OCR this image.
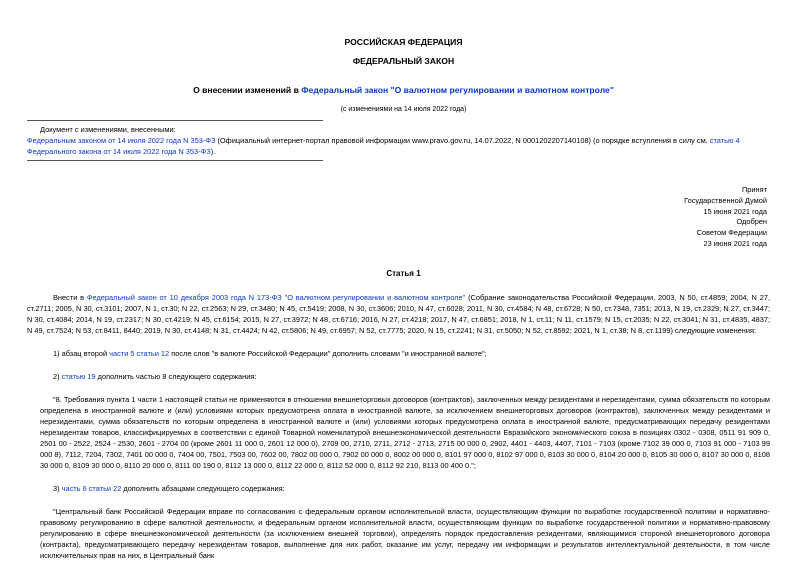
РОССИЙСКАЯ ФЕДЕРАЦИЯ
ФЕДЕРАЛЬНЫЙ ЗАКОН
О внесении изменений в Федеральный закон "О валютном регулировании и валютном контроле"
(с изменениями на 14 июля 2022 года)

Документ с изменениями, внесенными:

Федеральным законом от 14 июля 2022 года N 353-ФЗ (Официальный интернет-портал правовой информации www.pravo.gov.ru, 14.07.2022, N 0001202207140108) (о порядке вступления в силу см. статью 4 Федерального закона от 14 июля 2022 года N 353-ФЗ).

Принят
Государственной Думой
15 июня 2021 года
Одобрен
Советом Федерации
23 июня 2021 года
Статья 1

Внести в Федеральный закон от 10 декабря 2003 года N 173-ФЗ "О валютном регулировании и валютном контроле" (Собрание законодательства Российской Федерации, 2003, N 50, ст.4859; 2004, N 27, ст.2711; 2005, N 30, ст.3101; 2007, N 1, ст.30; N 22, ст.2563; N 29, ст.3480; N 45, ст.5419; 2008, N 30, ст.3606; 2010, N 47, ст.6028; 2011, N 30, ст.4584; N 48, ст.6728; N 50, ст.7348, 7351; 2013, N 19, ст.2329; N 27, ст.3447; N 30, ст.4084; 2014, N 19, ст.2317; N 30, ст.4219; N 45, ст.6154; 2015, N 27, ст.3972; N 48, ст.6716; 2016, N 27, ст.4218; 2017, N 47, ст.6851; 2018, N 1, ст.11; N 11, ст.1579; N 15, ст.2035; N 22, ст.3041; N 31, ст.4835, 4837; N 49, ст.7524; N 53, ст.8411, 8440; 2019, N 30, ст.4148; N 31, ст.4424; N 42, ст.5806; N 49, ст.6957; N 52, ст.7775; 2020, N 15, ст.2241; N 31, ст.5050; N 52, ст.8592; 2021, N 1, ст.38; N 8, ст.1199) следующие изменения:

1) абзац второй части 5 статьи 12 после слов "в валюте Российской Федерации" дополнить словами "и иностранной валюте";

2) статью 19 дополнить частью 8 следующего содержания:

"8. Требования пункта 1 части 1 настоящей статьи не применяются в отношении внешнеторговых договоров (контрактов), заключенных между резидентами и нерезидентами, сумма обязательств по которым определена в иностранной валюте и (или) условиями которых предусмотрена оплата в иностранной валюте, за исключением внешнеторговых договоров (контрактов), заключенных между резидентами и нерезидентами, сумма обязательств по которым определена в иностранной валюте и (или) условиями которых предусмотрена оплата в иностранной валюте, предусматривающих передачу резидентами нерезидентам товаров, классифицируемых в соответствии с единой Товарной номенклатурой внешнеэкономической деятельности Евразийского экономического союза в позициях 0302 - 0308, 0511 91 909 0, 2501 00 - 2522, 2524 - 2530, 2601 - 2704 00 (кроме 2601 11 000 0, 2601 12 000 0), 2709 00, 2710, 2711, 2712 - 2713, 2715 00 000 0, 2902, 4401 - 4403, 4407, 7101 - 7103 (кроме 7102 39 000 0, 7103 91 000 - 7103 99 000 8), 7112, 7204, 7302, 7401 00 000 0, 7404 00, 7501, 7503 00, 7602 00, 7802 00 000 0, 7902 00 000 0, 8002 00 000 0, 8101 97 000 0, 8102 97 000 0, 8103 30 000 0, 8104 20 000 0, 8105 30 000 0, 8107 30 000 0, 8108 30 000 0, 8109 30 000 0, 8110 20 000 0, 8111 00 190 0, 8112 13 000 0, 8112 22 000 0, 8112 52 000 0, 8112 92 210, 8113 00 400 0.";

3) часть 6 статьи 22 дополнить абзацами следующего содержания:

"Центральный банк Российской Федерации вправе по согласованию с федеральным органом исполнительной власти, осуществляющим функции по выработке государственной политики и нормативно-правовому регулированию в сфере валютной деятельности, и федеральным органом исполнительной власти, осуществляющим функции по выработке государственной политики и нормативно-правовому регулированию в сфере внешнеэкономической деятельности (за исключением внешней торговли), определять порядок предоставления резидентами, являющимися стороной внешнеторгового договора (контракта), предусматривающего передачу нерезидентам товаров, выполнение для них работ, оказание им услуг, передачу им информации и результатов интеллектуальной деятельности, в том числе исключительных прав на них, в Центральный банк
